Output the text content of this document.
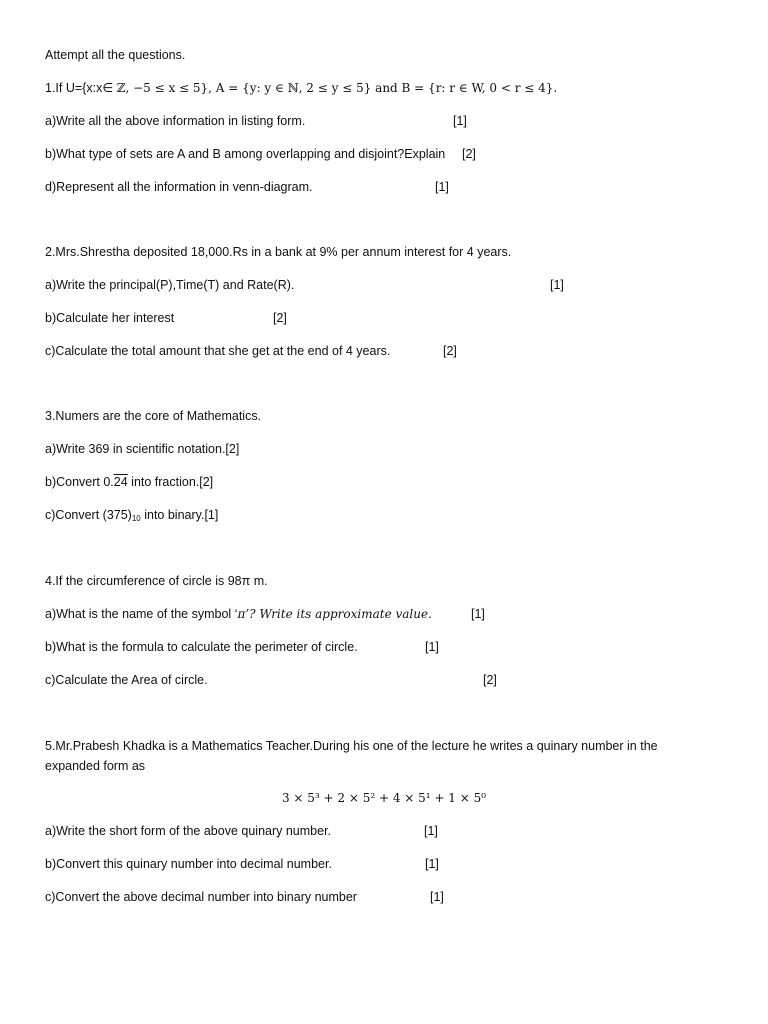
Attempt all the questions.
1.If U={x:x∈ ℤ, −5 ≤ x ≤ 5}, A = {y: y ∈ ℕ, 2 ≤ y ≤ 5} and B = {r: r ∈ W, 0 < r ≤ 4}.
a)Write all the above information in listing form.	[1]
b)What type of sets are A and B among overlapping and disjoint?Explain [2]
d)Represent all the information in venn-diagram.	[1]
2.Mrs.Shrestha deposited 18,000.Rs in a bank at 9% per annum interest for 4 years.
a)Write the principal(P),Time(T) and Rate(R).	[1]
b)Calculate her interest	[2]
c)Calculate the total amount that she get at the end of 4 years.	[2]
3.Numers are the core of Mathematics.
a)Write 369 in scientific notation.[2]
b)Convert 0.24 into fraction.[2]
c)Convert $(375)_{10}$ into binary.[1]
4.If the circumference of circle is 98π m.
a)What is the name of the symbol ‘π’? Write its approximate value.	[1]
b)What is the formula to calculate the perimeter of circle.	[1]
c)Calculate the Area of circle.	[2]
5.Mr.Prabesh Khadka is a Mathematics Teacher.During his one of the lecture he writes a quinary number in the
expanded form as
3 × 5³ + 2 × 5² + 4 × 5¹ + 1 × 5⁰
a)Write the short form of the above quinary number.	[1]
b)Convert this quinary number into decimal number.	[1]
c)Convert the above decimal number into binary number	[1]
